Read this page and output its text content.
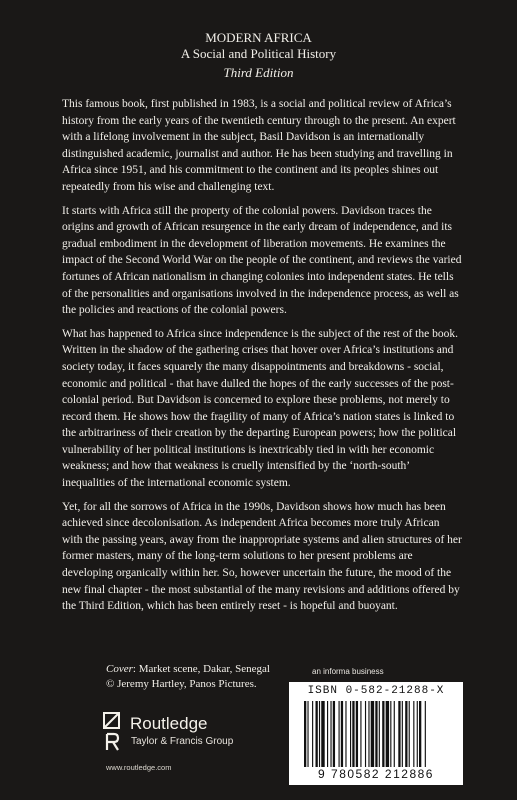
MODERN AFRICA
A Social and Political History
Third Edition

This famous book, first published in 1983, is a social and political review of Africa’s history from the early years of the twentieth century through to the present. An expert with a lifelong involvement in the subject, Basil Davidson is an internationally distinguished academic, journalist and author. He has been studying and travelling in Africa since 1951, and his commitment to the continent and its peoples shines out repeatedly from his wise and challenging text.

It starts with Africa still the property of the colonial powers. Davidson traces the origins and growth of African resurgence in the early dream of independence, and its gradual embodiment in the development of liberation movements. He examines the impact of the Second World War on the people of the continent, and reviews the varied fortunes of African nationalism in changing colonies into independent states. He tells of the personalities and organisations involved in the independence process, as well as the policies and reactions of the colonial powers.

What has happened to Africa since independence is the subject of the rest of the book. Written in the shadow of the gathering crises that hover over Africa’s institutions and society today, it faces squarely the many disappointments and breakdowns - social, economic and political - that have dulled the hopes of the early successes of the post-colonial period. But Davidson is concerned to explore these problems, not merely to record them. He shows how the fragility of many of Africa’s nation states is linked to the arbitrariness of their creation by the departing European powers; how the political vulnerability of her political institutions is inextricably tied in with her economic weakness; and how that weakness is cruelly intensified by the ‘north-south’ inequalities of the international economic system.

Yet, for all the sorrows of Africa in the 1990s, Davidson shows how much has been achieved since decolonisation. As independent Africa becomes more truly African with the passing years, away from the inappropriate systems and alien structures of her former masters, many of the long-term solutions to her present problems are developing organically within her. So, however uncertain the future, the mood of the new final chapter - the most substantial of the many revisions and additions offered by the Third Edition, which has been entirely reset - is hopeful and buoyant.

Cover: Market scene, Dakar, Senegal © Jeremy Hartley, Panos Pictures.
an informa business
ISBN 0-582-21288-X
9 780582 212886
Routledge
Taylor & Francis Group
www.routledge.com
